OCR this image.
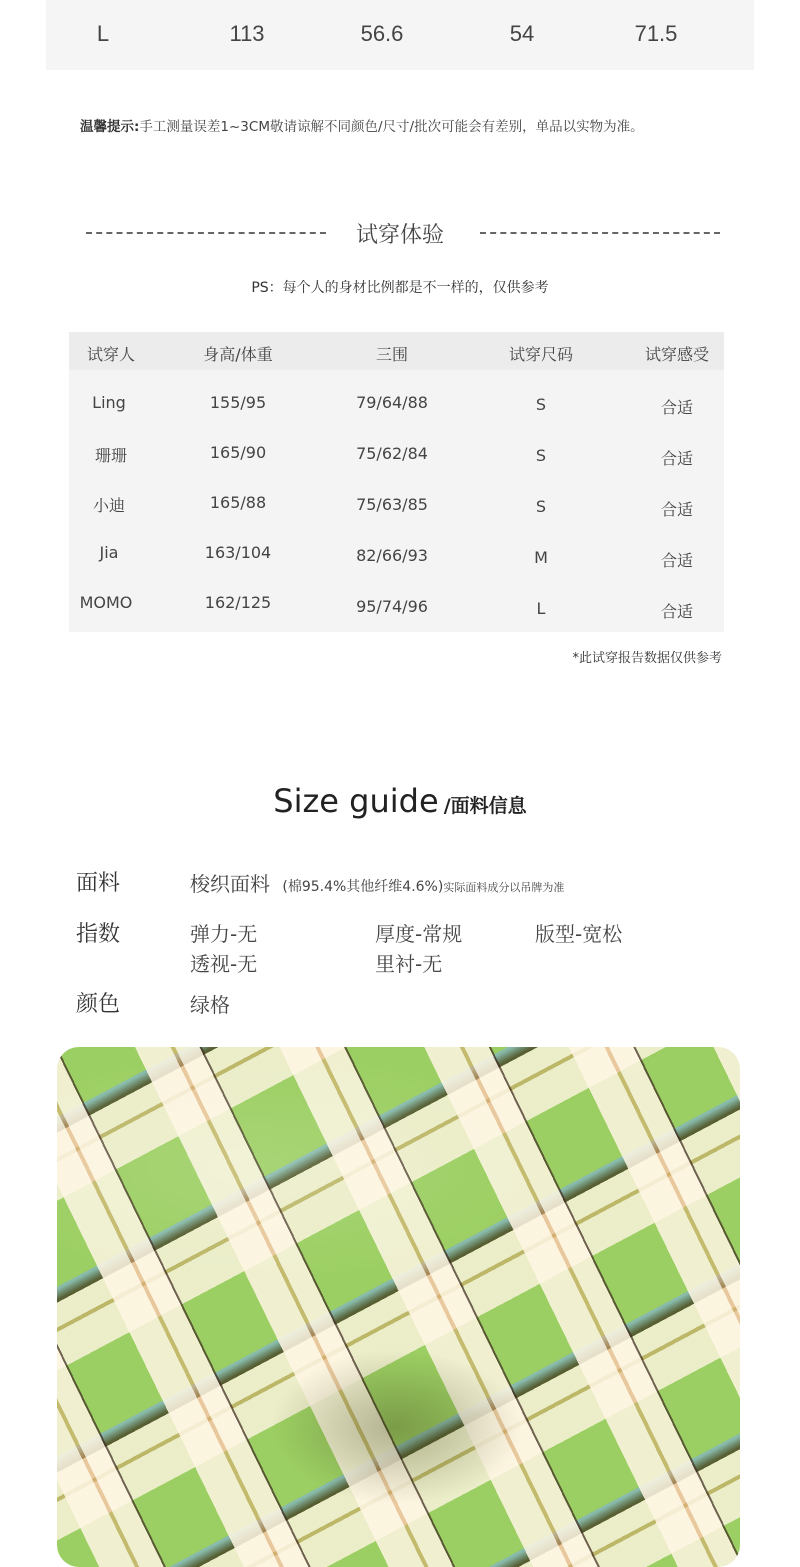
L	113	56.6	54	71.5
温馨提示:手工测量误差1~3CM敬请谅解不同颜色/尺寸/批次可能会有差别，单品以实物为准。
试穿体验
PS：每个人的身材比例都是不一样的，仅供参考
试穿人	身高/体重	三围	试穿尺码	试穿感受
Ling	155/95	79/64/88	S	合适
珊珊	165/90	75/62/84	S	合适
小迪	165/88	75/63/85	S	合适
Jia	163/104	82/66/93	M	合适
MOMO	162/125	95/74/96	L	合适
*此试穿报告数据仅供参考
Size guide /面料信息
面料	梭织面料 (棉95.4%其他纤维4.6%)实际面料成分以吊牌为准
指数	弹力-无	厚度-常规	版型-宽松
透视-无	里衬-无
颜色	绿格
